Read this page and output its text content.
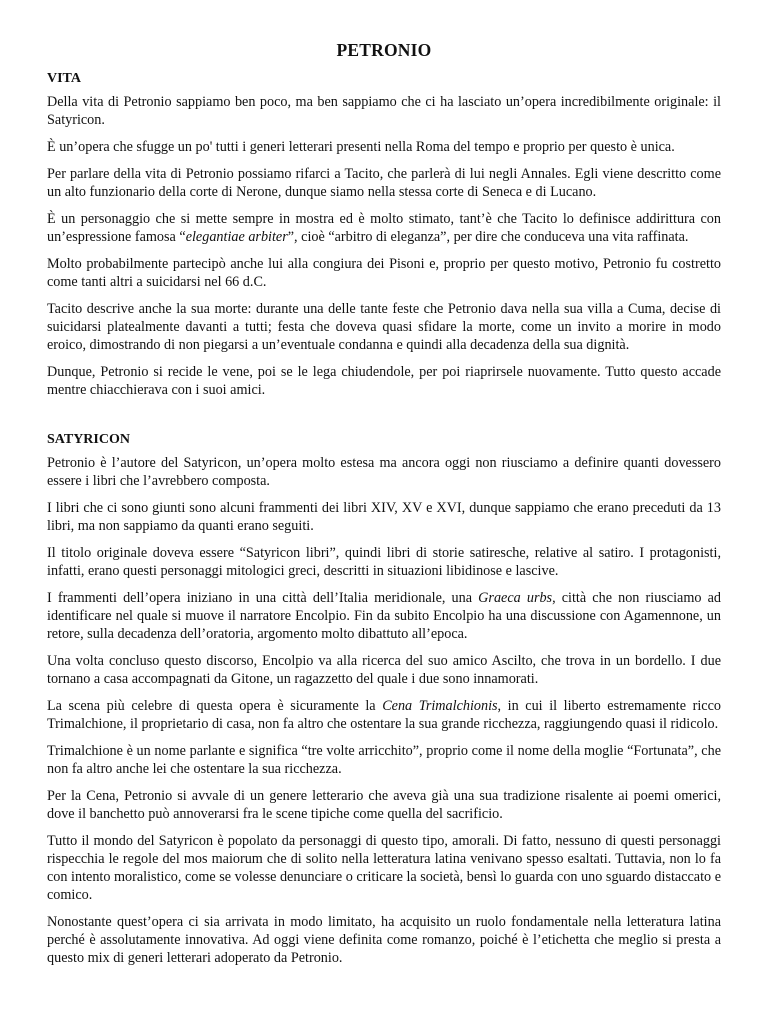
PETRONIO
VITA

Della vita di Petronio sappiamo ben poco, ma ben sappiamo che ci ha lasciato un’opera incredibilmente originale: il Satyricon.

È un’opera che sfugge un po' tutti i generi letterari presenti nella Roma del tempo e proprio per questo è unica.

Per parlare della vita di Petronio possiamo rifarci a Tacito, che parlerà di lui negli Annales. Egli viene descritto come un alto funzionario della corte di Nerone, dunque siamo nella stessa corte di Seneca e di Lucano.

È un personaggio che si mette sempre in mostra ed è molto stimato, tant’è che Tacito lo definisce addirittura con un’espressione famosa “elegantiae arbiter”, cioè “arbitro di eleganza”, per dire che conduceva una vita raffinata.

Molto probabilmente partecipò anche lui alla congiura dei Pisoni e, proprio per questo motivo, Petronio fu costretto come tanti altri a suicidarsi nel 66 d.C.

Tacito descrive anche la sua morte: durante una delle tante feste che Petronio dava nella sua villa a Cuma, decise di suicidarsi platealmente davanti a tutti; festa che doveva quasi sfidare la morte, come un invito a morire in modo eroico, dimostrando di non piegarsi a un’eventuale condanna e quindi alla decadenza della sua dignità.

Dunque, Petronio si recide le vene, poi se le lega chiudendole, per poi riaprirsele nuovamente. Tutto questo accade mentre chiacchierava con i suoi amici.

SATYRICON

Petronio è l’autore del Satyricon, un’opera molto estesa ma ancora oggi non riusciamo a definire quanti dovessero essere i libri che l’avrebbero composta.

I libri che ci sono giunti sono alcuni frammenti dei libri XIV, XV e XVI, dunque sappiamo che erano preceduti da 13 libri, ma non sappiamo da quanti erano seguiti.

Il titolo originale doveva essere “Satyricon libri”, quindi libri di storie satiresche, relative al satiro. I protagonisti, infatti, erano questi personaggi mitologici greci, descritti in situazioni libidinose e lascive.

I frammenti dell’opera iniziano in una città dell’Italia meridionale, una Graeca urbs, città che non riusciamo ad identificare nel quale si muove il narratore Encolpio. Fin da subito Encolpio ha una discussione con Agamennone, un retore, sulla decadenza dell’oratoria, argomento molto dibattuto all’epoca.

Una volta concluso questo discorso, Encolpio va alla ricerca del suo amico Ascilto, che trova in un bordello. I due tornano a casa accompagnati da Gitone, un ragazzetto del quale i due sono innamorati.

La scena più celebre di questa opera è sicuramente la Cena Trimalchionis, in cui il liberto estremamente ricco Trimalchione, il proprietario di casa, non fa altro che ostentare la sua grande ricchezza, raggiungendo quasi il ridicolo.

Trimalchione è un nome parlante e significa “tre volte arricchito”, proprio come il nome della moglie “Fortunata”, che non fa altro anche lei che ostentare la sua ricchezza.

Per la Cena, Petronio si avvale di un genere letterario che aveva già una sua tradizione risalente ai poemi omerici, dove il banchetto può annoverarsi fra le scene tipiche come quella del sacrificio.

Tutto il mondo del Satyricon è popolato da personaggi di questo tipo, amorali. Di fatto, nessuno di questi personaggi rispecchia le regole del mos maiorum che di solito nella letteratura latina venivano spesso esaltati. Tuttavia, non lo fa con intento moralistico, come se volesse denunciare o criticare la società, bensì lo guarda con uno sguardo distaccato e comico.

Nonostante quest’opera ci sia arrivata in modo limitato, ha acquisito un ruolo fondamentale nella letteratura latina perché è assolutamente innovativa. Ad oggi viene definita come romanzo, poiché è l’etichetta che meglio si presta a questo mix di generi letterari adoperato da Petronio.
